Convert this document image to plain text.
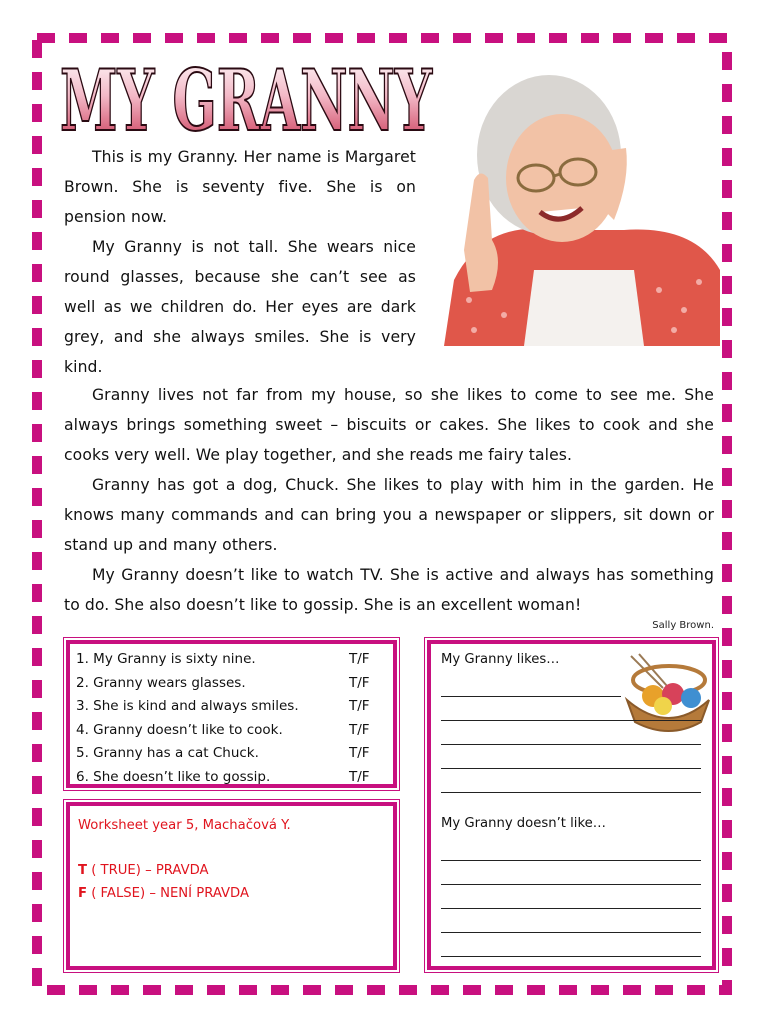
MY GRANNY

This is my Granny. Her name is Margaret Brown. She is seventy five. She is on pension now.

My Granny is not tall. She wears nice round glasses, because she can’t see as well as we children do. Her eyes are dark grey, and she always smiles. She is very kind.

Granny lives not far from my house, so she likes to come to see me. She always brings something sweet – biscuits or cakes. She likes to cook and she cooks very well. We play together, and she reads me fairy tales.

Granny has got a dog, Chuck. She likes to play with him in the garden. He knows many commands and can bring you a newspaper or slippers, sit down or stand up and many others.

My Granny doesn’t like to watch TV. She is active and always has something to do. She also doesn’t like to gossip. She is an excellent woman!

Sally Brown.
1. My Granny is sixty nine.	T/F
2. Granny wears glasses.	T/F
3. She is kind and always smiles.	T/F
4. Granny doesn’t like to cook.	T/F
5. Granny has a cat Chuck.	T/F
6. She doesn’t like to gossip.	T/F

Worksheet year 5, Machačová Y.

T ( TRUE) – PRAVDA

F ( FALSE) – NENÍ PRAVDA

My Granny likes…

My Granny doesn’t like…
